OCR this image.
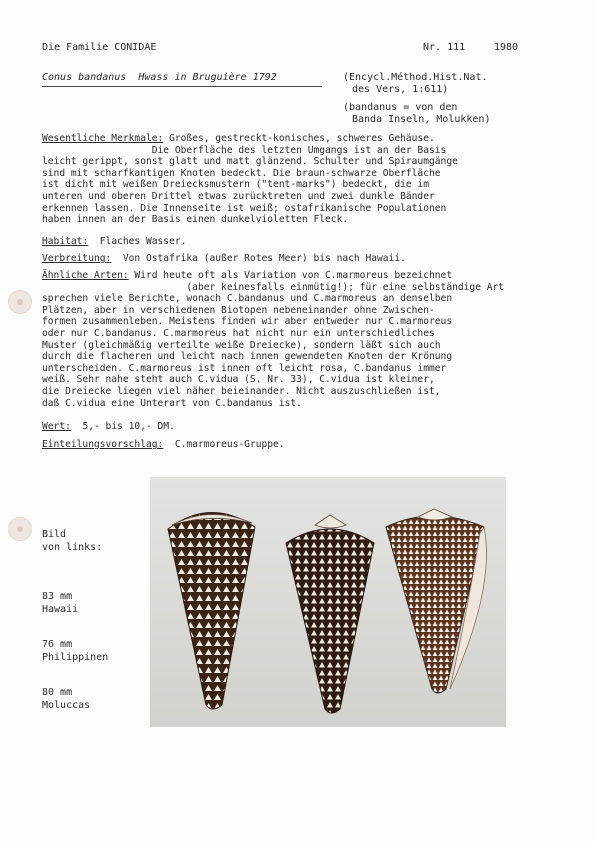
Die Familie CONIDAE	Nr. 111	1980
Conus bandanus  Hwass in Bruguière 1792	(Encycl.Méthod.Hist.Nat.
des Vers, 1:611)
(bandanus = von den
Banda Inseln, Molukken)
Wesentliche Merkmale: Großes, gestreckt-konisches, schweres Gehäuse.
Die Oberfläche des letzten Umgangs ist an der Basis
leicht gerippt, sonst glatt und matt glänzend. Schulter und Spiraumgänge
sind mit scharfkantigen Knoten bedeckt. Die braun-schwarze Oberfläche
ist dicht mit weißen Dreiecksmustern ("tent-marks") bedeckt, die im
unteren und oberen Drittel etwas zurücktreten und zwei dunkle Bänder
erkennen lassen. Die Innenseite ist weiß; ostafrikanische Populationen
haben innen an der Basis einen dunkelvioletten Fleck.
Habitat:  Flaches Wasser.
Verbreitung:  Von Ostafrika (außer Rotes Meer) bis nach Hawaii.
Ähnliche Arten: Wird heute oft als Variation von C.marmoreus bezeichnet
(aber keinesfalls einmütig!); für eine selbständige Art
sprechen viele Berichte, wonach C.bandanus und C.marmoreus an denselben
Plätzen, aber in verschiedenen Biotopen nebeneinander ohne Zwischen-
formen zusammenleben. Meistens finden wir aber entweder nur C.marmoreus
oder nur C.bandanus. C.marmoreus hat nicht nur ein unterschiedliches
Muster (gleichmäßig verteilte weiße Dreiecke), sondern läßt sich auch
durch die flacheren und leicht nach innen gewendeten Knoten der Krönung
unterscheiden. C.marmoreus ist innen oft leicht rosa, C.bandanus immer
weiß. Sehr nahe steht auch C.vidua (S. Nr. 33), C.vidua ist kleiner,
die Dreiecke liegen viel näher beieinander. Nicht auszuschließen ist,
daß C.vidua eine Unterart von C.bandanus ist.
Wert:  5,- bis 10,- DM.
Einteilungsvorschlag:  C.marmoreus-Gruppe.
Bild
von links:
83 mm
Hawaii
76 mm
Philippinen
80 mm
Moluccas
